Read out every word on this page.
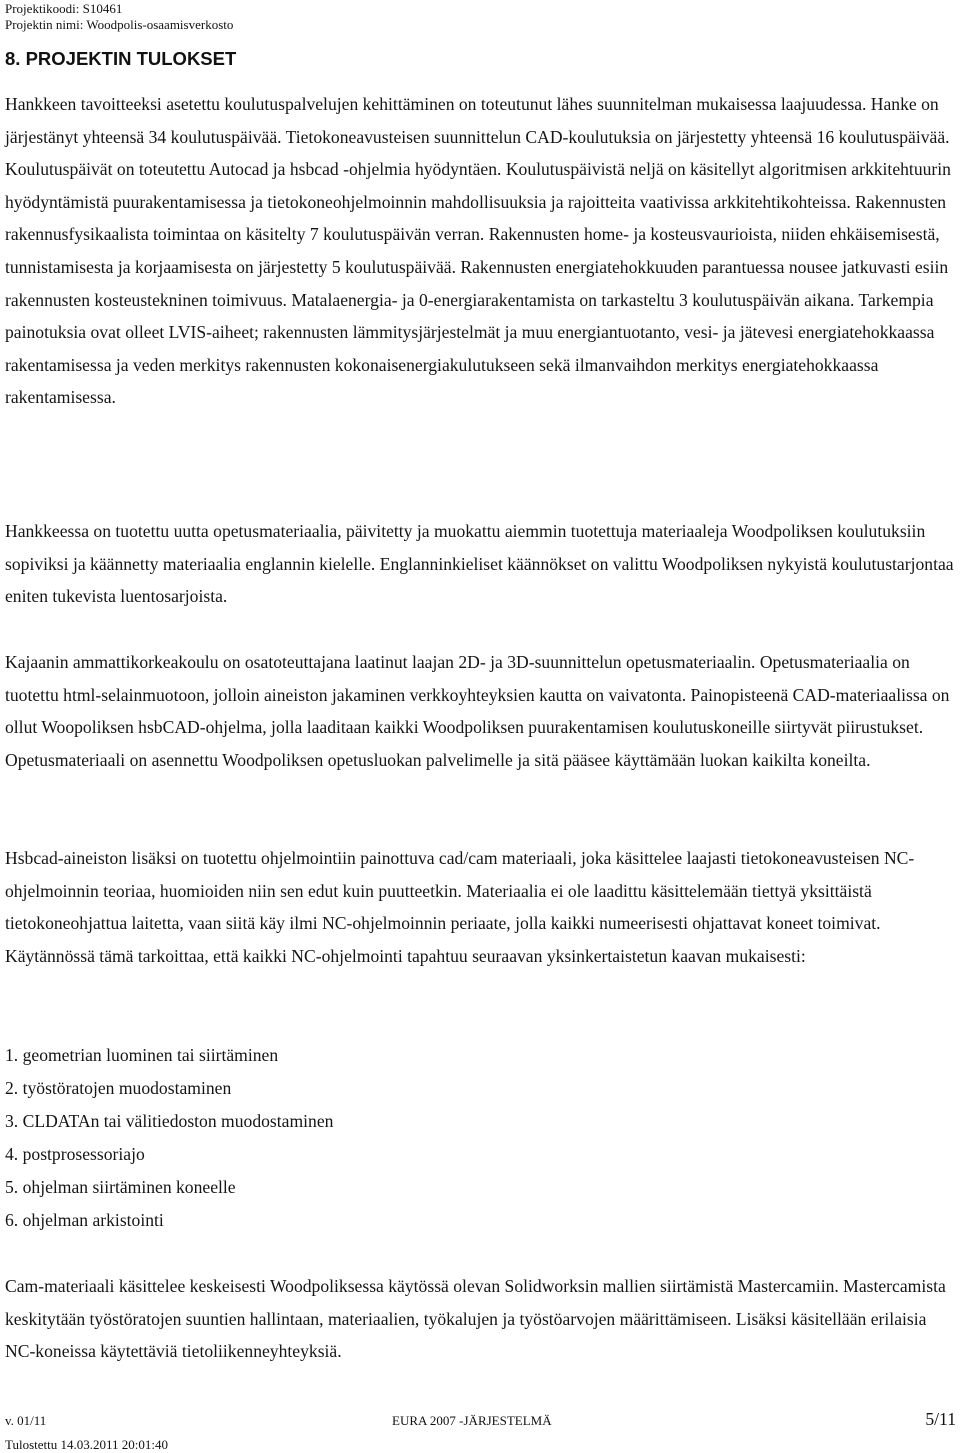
Projektikoodi: S10461
Projektin nimi: Woodpolis-osaamisverkosto
8. PROJEKTIN TULOKSET

Hankkeen tavoitteeksi asetettu koulutuspalvelujen kehittäminen on toteutunut lähes suunnitelman mukaisessa laajuudessa. Hanke on järjestänyt yhteensä 34 koulutuspäivää. Tietokoneavusteisen suunnittelun CAD-koulutuksia on järjestetty yhteensä 16 koulutuspäivää. Koulutuspäivät on toteutettu Autocad ja hsbcad -ohjelmia hyödyntäen. Koulutuspäivistä neljä on käsitellyt algoritmisen arkkitehtuurin hyödyntämistä puurakentamisessa ja tietokoneohjelmoinnin mahdollisuuksia ja rajoitteita vaativissa arkkitehtikohteissa. Rakennusten rakennusfysikaalista toimintaa on käsitelty 7 koulutuspäivän verran. Rakennusten home- ja kosteusvaurioista, niiden ehkäisemisestä, tunnistamisesta ja korjaamisesta on järjestetty 5 koulutuspäivää. Rakennusten energiatehokkuuden parantuessa nousee jatkuvasti esiin rakennusten kosteustekninen toimivuus. Matalaenergia- ja 0-energiarakentamista on tarkasteltu 3 koulutuspäivän aikana. Tarkempia painotuksia ovat olleet LVIS-aiheet; rakennusten lämmitysjärjestelmät ja muu energiantuotanto, vesi- ja jätevesi energiatehokkaassa rakentamisessa ja veden merkitys rakennusten kokonaisenergiakulutukseen sekä ilmanvaihdon merkitys energiatehokkaassa rakentamisessa.

Hankkeessa on tuotettu uutta opetusmateriaalia, päivitetty ja muokattu aiemmin tuotettuja materiaaleja Woodpoliksen koulutuksiin sopiviksi ja käännetty materiaalia englannin kielelle. Englanninkieliset käännökset on valittu Woodpoliksen nykyistä koulutustarjontaa eniten tukevista luentosarjoista.

Kajaanin ammattikorkeakoulu on osatoteuttajana laatinut laajan 2D- ja 3D-suunnittelun opetusmateriaalin. Opetusmateriaalia on tuotettu html-selainmuotoon, jolloin aineiston jakaminen verkkoyhteyksien kautta on vaivatonta. Painopisteenä CAD-materiaalissa on ollut Woopoliksen hsbCAD-ohjelma, jolla laaditaan kaikki Woodpoliksen puurakentamisen koulutuskoneille siirtyvät piirustukset. Opetusmateriaali on asennettu Woodpoliksen opetusluokan palvelimelle ja sitä pääsee käyttämään luokan kaikilta koneilta.

Hsbcad-aineiston lisäksi on tuotettu ohjelmointiin painottuva cad/cam materiaali, joka käsittelee laajasti tietokoneavusteisen NC-ohjelmoinnin teoriaa, huomioiden niin sen edut kuin puutteetkin. Materiaalia ei ole laadittu käsittelemään tiettyä yksittäistä tietokoneohjattua laitetta, vaan siitä käy ilmi NC-ohjelmoinnin periaate, jolla kaikki numeerisesti ohjattavat koneet toimivat. Käytännössä tämä tarkoittaa, että kaikki NC-ohjelmointi tapahtuu seuraavan yksinkertaistetun kaavan mukaisesti:

1. geometrian luominen tai siirtäminen
2. työstöratojen muodostaminen
3. CLDATAn tai välitiedoston muodostaminen
4. postprosessoriajo
5. ohjelman siirtäminen koneelle
6. ohjelman arkistointi

Cam-materiaali käsittelee keskeisesti Woodpoliksessa käytössä olevan Solidworksin mallien siirtämistä Mastercamiin. Mastercamista keskitytään työstöratojen suuntien hallintaan, materiaalien, työkalujen ja työstöarvojen määrittämiseen. Lisäksi käsitellään erilaisia NC-koneissa käytettäviä tietoliikenneyhteyksiä.

v. 01/11
Tulostettu 14.03.2011 20:01:40
EURA 2007 -JÄRJESTELMÄ	5/11
